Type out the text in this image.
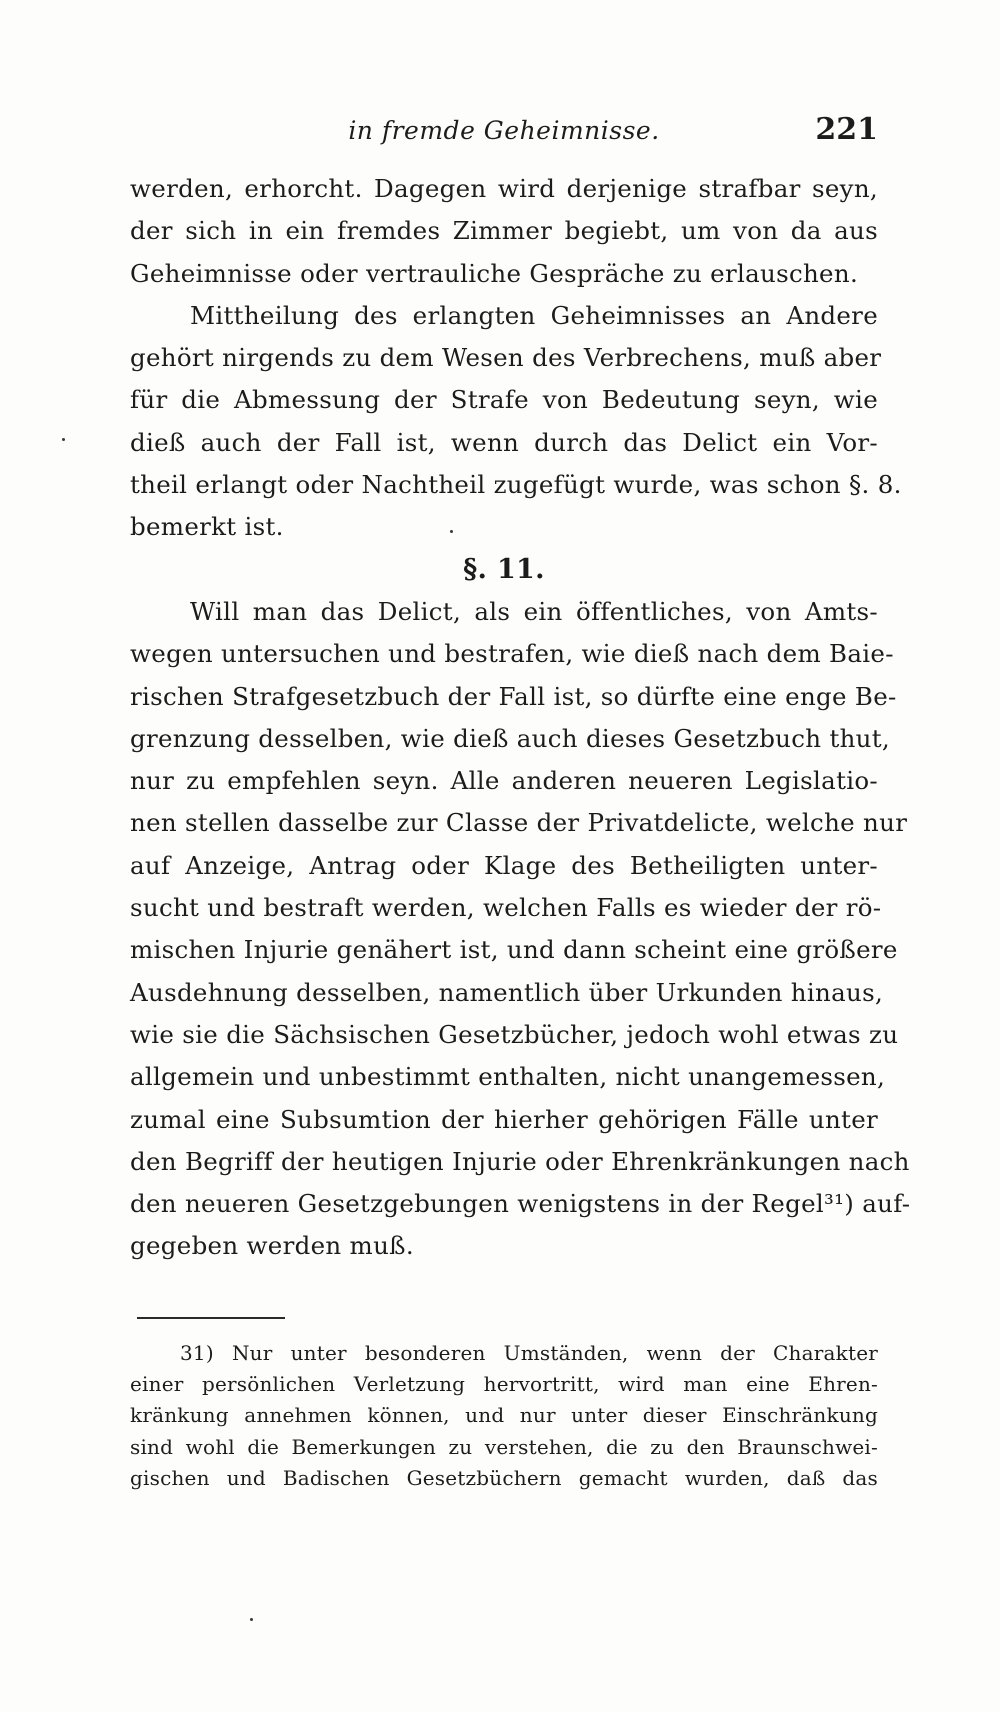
in fremde Geheimnisse.	221
werden, erhorcht. Dagegen wird derjenige strafbar seyn,
der sich in ein fremdes Zimmer begiebt, um von da aus
Geheimnisse oder vertrauliche Gespräche zu erlauschen.
Mittheilung des erlangten Geheimnisses an Andere
gehört nirgends zu dem Wesen des Verbrechens, muß aber
für die Abmessung der Strafe von Bedeutung seyn, wie
dieß auch der Fall ist, wenn durch das Delict ein Vor-
theil erlangt oder Nachtheil zugefügt wurde, was schon §. 8.
bemerkt ist.
§. 11.
Will man das Delict, als ein öffentliches, von Amts-
wegen untersuchen und bestrafen, wie dieß nach dem Baie-
rischen Strafgesetzbuch der Fall ist, so dürfte eine enge Be-
grenzung desselben, wie dieß auch dieses Gesetzbuch thut,
nur zu empfehlen seyn. Alle anderen neueren Legislatio-
nen stellen dasselbe zur Classe der Privatdelicte, welche nur
auf Anzeige, Antrag oder Klage des Betheiligten unter-
sucht und bestraft werden, welchen Falls es wieder der rö-
mischen Injurie genähert ist, und dann scheint eine größere
Ausdehnung desselben, namentlich über Urkunden hinaus,
wie sie die Sächsischen Gesetzbücher, jedoch wohl etwas zu
allgemein und unbestimmt enthalten, nicht unangemessen,
zumal eine Subsumtion der hierher gehörigen Fälle unter
den Begriff der heutigen Injurie oder Ehrenkränkungen nach
den neueren Gesetzgebungen wenigstens in der Regel³¹) auf-
gegeben werden muß.
31) Nur unter besonderen Umständen, wenn der Charakter
einer persönlichen Verletzung hervortritt, wird man eine Ehren-
kränkung annehmen können, und nur unter dieser Einschränkung
sind wohl die Bemerkungen zu verstehen, die zu den Braunschwei-
gischen und Badischen Gesetzbüchern gemacht wurden, daß das
